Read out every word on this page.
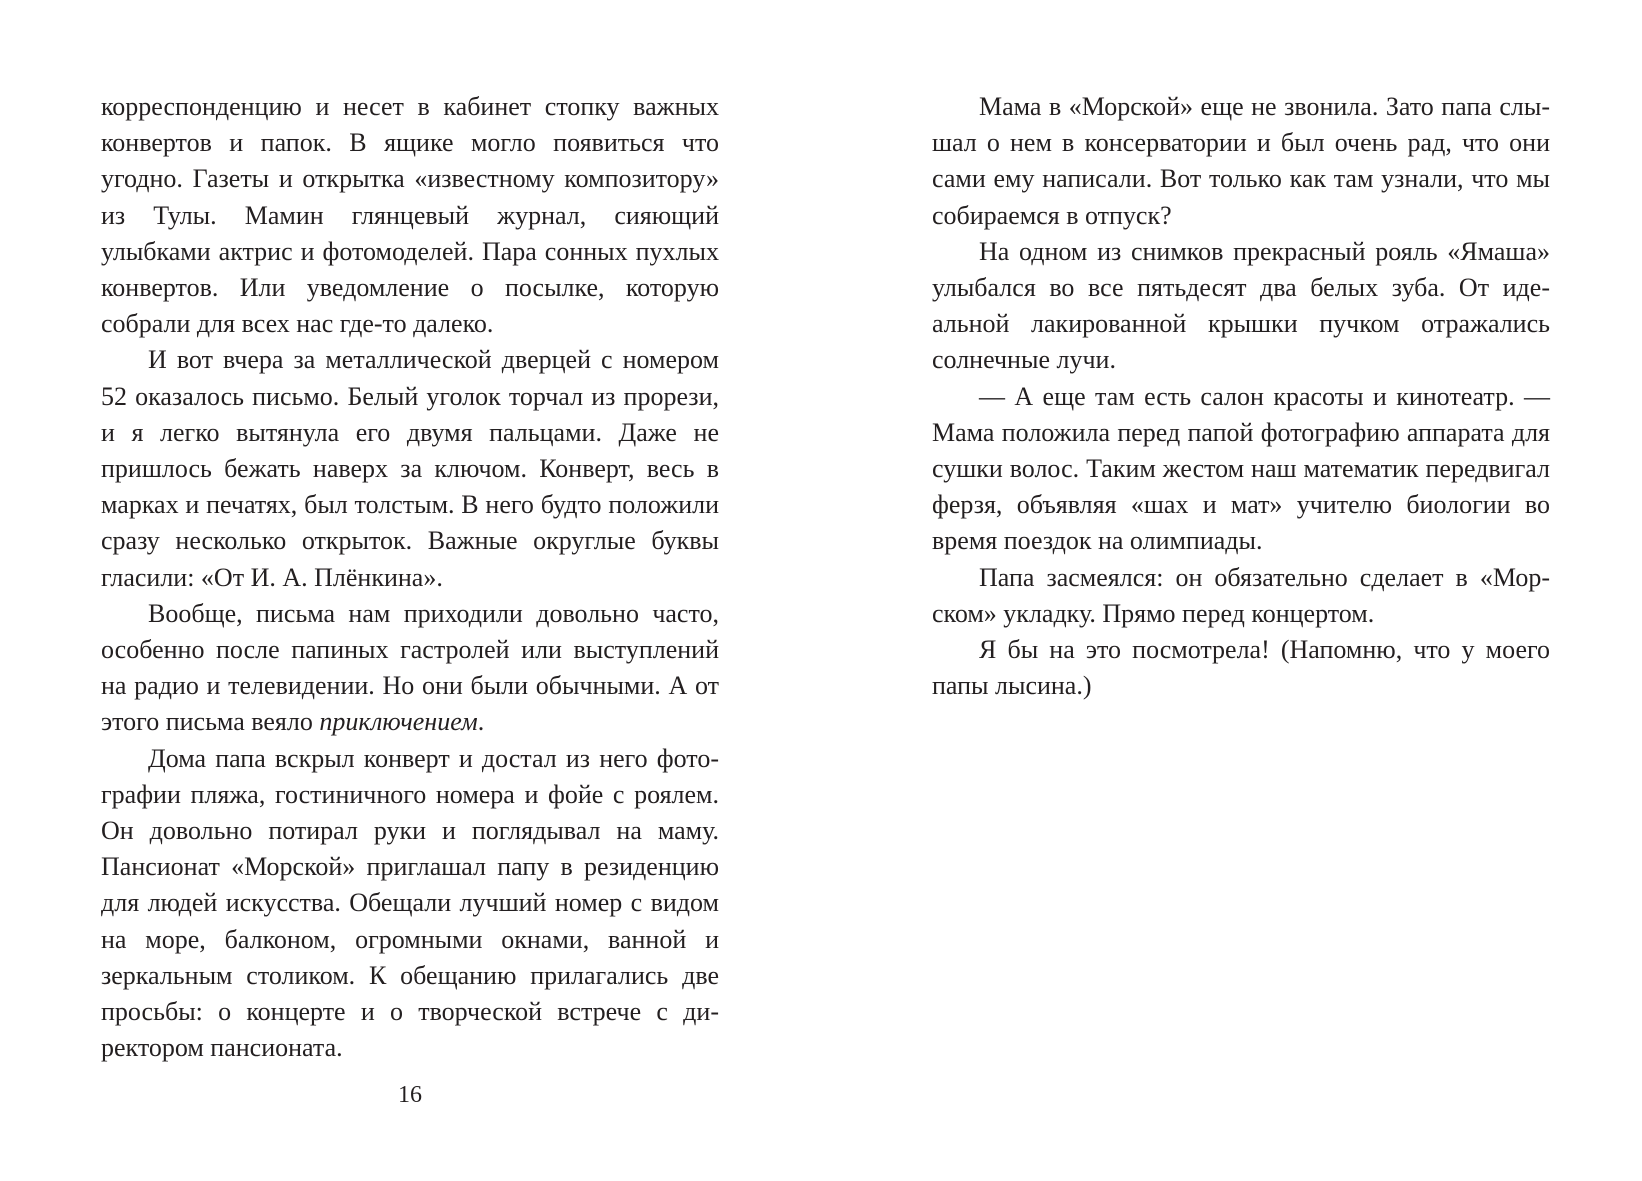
корреспонденцию и несет в кабинет стопку важных конвертов и папок. В ящике могло появиться что угодно. Газеты и открытка «известному композитору» из Тулы. Мамин глянцевый журнал, сияющий улыбками актрис и фотомоделей. Пара сонных пухлых конвертов. Или уведомление о посылке, которую собрали для всех нас где-то далеко.

И вот вчера за металлической дверцей с номером 52 оказалось письмо. Белый уголок торчал из прорези, и я легко вытянула его двумя пальцами. Даже не пришлось бежать наверх за ключом. Конверт, весь в марках и печатях, был толстым. В него будто положили сразу несколько открыток. Важные округлые буквы гласили: «От И. А. Плёнкина».

Вообще, письма нам приходили довольно часто, особенно после папиных гастролей или выступлений на радио и телевидении. Но они были обычными. А от этого письма веяло приключением.

Дома папа вскрыл конверт и достал из него фотографии пляжа, гостиничного номера и фойе с роялем. Он довольно потирал руки и поглядывал на маму. Пансионат «Морской» приглашал папу в резиденцию для людей искусства. Обещали лучший номер с видом на море, балконом, огромными окнами, ванной и зеркальным столиком. К обещанию прилагались две просьбы: о концерте и о творческой встрече с директором пансионата.

16

Мама в «Морской» еще не звонила. Зато папа слышал о нем в консерватории и был очень рад, что они сами ему написали. Вот только как там узнали, что мы собираемся в отпуск?

На одном из снимков прекрасный рояль «Ямаша» улыбался во все пятьдесят два белых зуба. От идеальной лакированной крышки пучком отражались солнечные лучи.

— А еще там есть салон красоты и кинотеатр. — Мама положила перед папой фотографию аппарата для сушки волос. Таким жестом наш математик передвигал ферзя, объявляя «шах и мат» учителю биологии во время поездок на олимпиады.

Папа засмеялся: он обязательно сделает в «Морском» укладку. Прямо перед концертом.

Я бы на это посмотрела! (Напомню, что у моего папы лысина.)
